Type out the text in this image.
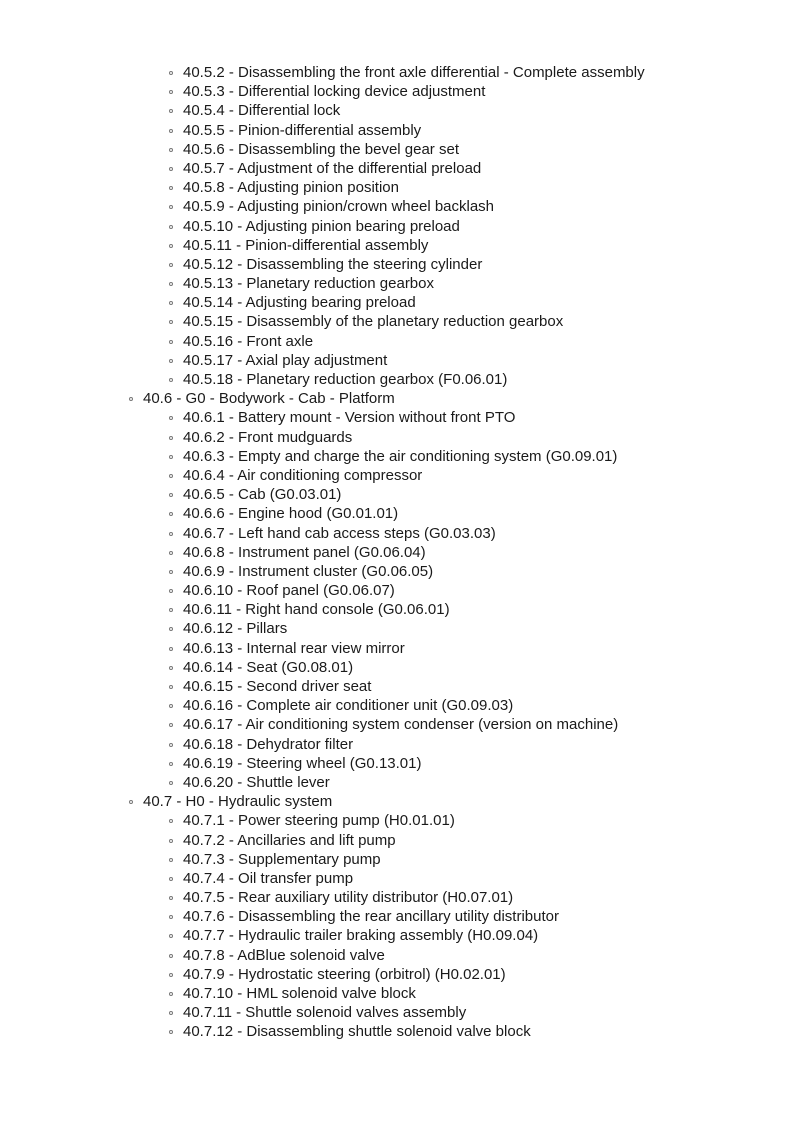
40.5.2 - Disassembling the front axle differential - Complete assembly
40.5.3 - Differential locking device adjustment
40.5.4 - Differential lock
40.5.5 - Pinion-differential assembly
40.5.6 - Disassembling the bevel gear set
40.5.7 - Adjustment of the differential preload
40.5.8 - Adjusting pinion position
40.5.9 - Adjusting pinion/crown wheel backlash
40.5.10 - Adjusting pinion bearing preload
40.5.11 - Pinion-differential assembly
40.5.12 - Disassembling the steering cylinder
40.5.13 - Planetary reduction gearbox
40.5.14 - Adjusting bearing preload
40.5.15 - Disassembly of the planetary reduction gearbox
40.5.16 - Front axle
40.5.17 - Axial play adjustment
40.5.18 - Planetary reduction gearbox (F0.06.01)
40.6 - G0 - Bodywork - Cab - Platform
40.6.1 - Battery mount - Version without front PTO
40.6.2 - Front mudguards
40.6.3 - Empty and charge the air conditioning system (G0.09.01)
40.6.4 - Air conditioning compressor
40.6.5 - Cab (G0.03.01)
40.6.6 - Engine hood (G0.01.01)
40.6.7 - Left hand cab access steps (G0.03.03)
40.6.8 - Instrument panel (G0.06.04)
40.6.9 - Instrument cluster (G0.06.05)
40.6.10 - Roof panel (G0.06.07)
40.6.11 - Right hand console (G0.06.01)
40.6.12 - Pillars
40.6.13 - Internal rear view mirror
40.6.14 - Seat (G0.08.01)
40.6.15 - Second driver seat
40.6.16 - Complete air conditioner unit (G0.09.03)
40.6.17 - Air conditioning system condenser (version on machine)
40.6.18 - Dehydrator filter
40.6.19 - Steering wheel (G0.13.01)
40.6.20 - Shuttle lever
40.7 - H0 - Hydraulic system
40.7.1 - Power steering pump (H0.01.01)
40.7.2 - Ancillaries and lift pump
40.7.3 - Supplementary pump
40.7.4 - Oil transfer pump
40.7.5 - Rear auxiliary utility distributor (H0.07.01)
40.7.6 - Disassembling the rear ancillary utility distributor
40.7.7 - Hydraulic trailer braking assembly (H0.09.04)
40.7.8 - AdBlue solenoid valve
40.7.9 - Hydrostatic steering (orbitrol) (H0.02.01)
40.7.10 - HML solenoid valve block
40.7.11 - Shuttle solenoid valves assembly
40.7.12 - Disassembling shuttle solenoid valve block
